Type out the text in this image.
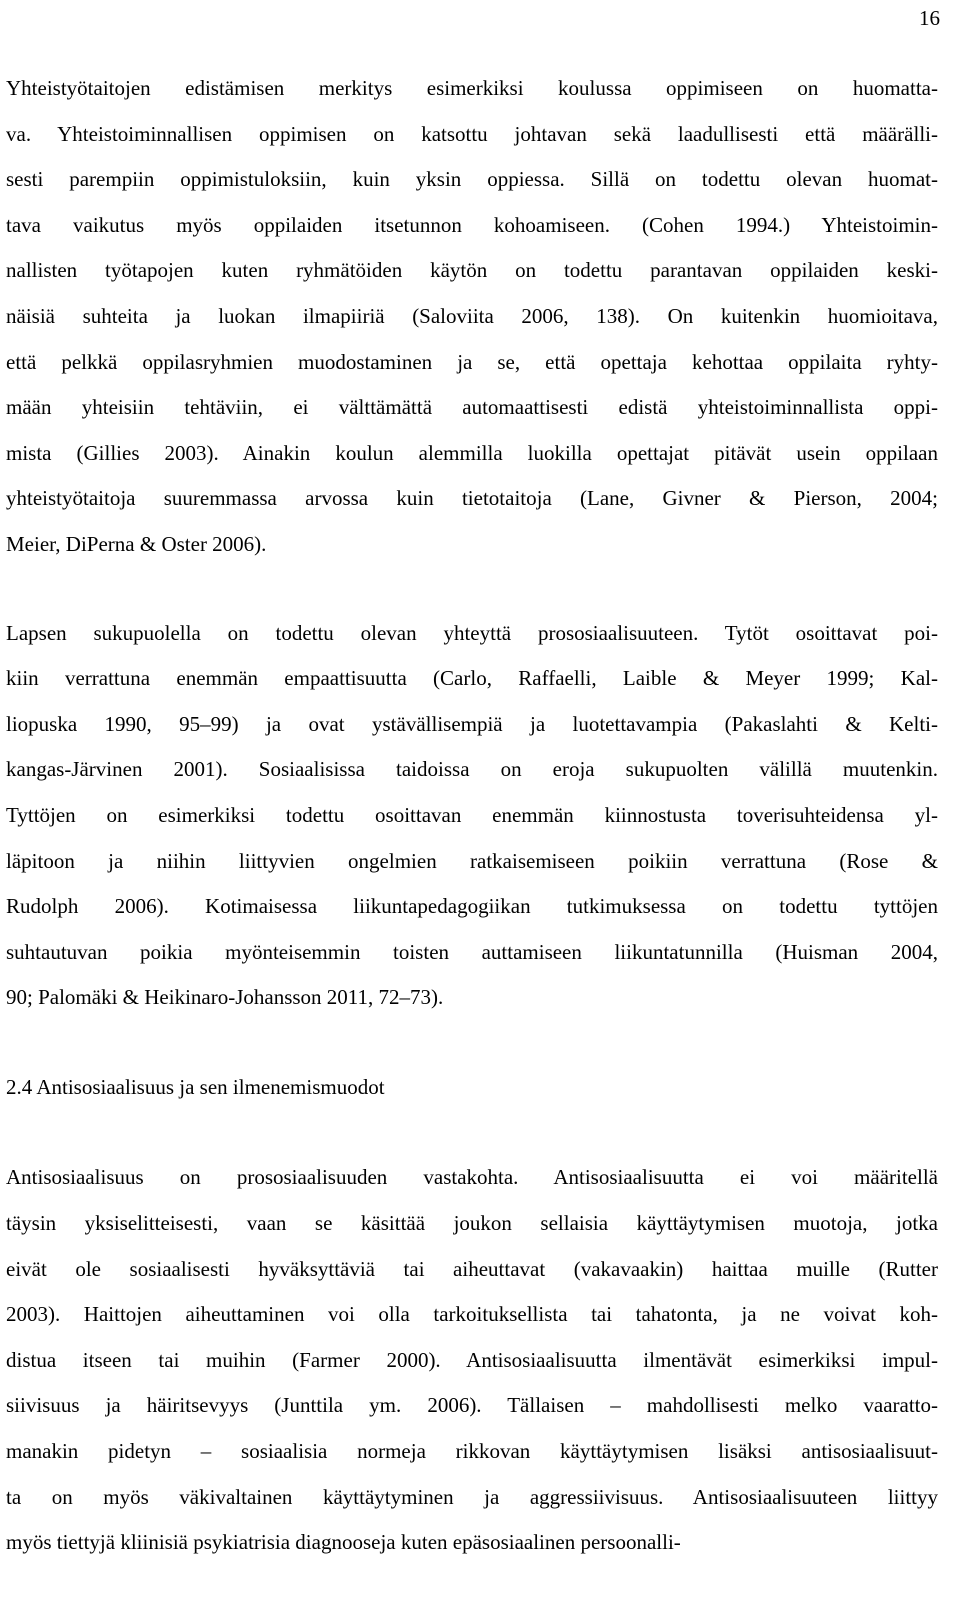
16

Yhteistyötaitojen edistämisen merkitys esimerkiksi koulussa oppimiseen on huomatta-
va. Yhteistoiminnallisen oppimisen on katsottu johtavan sekä laadullisesti että määrälli-
sesti parempiin oppimistuloksiin, kuin yksin oppiessa. Sillä on todettu olevan huomat-
tava vaikutus myös oppilaiden itsetunnon kohoamiseen. (Cohen 1994.) Yhteistoimin-
nallisten työtapojen kuten ryhmätöiden käytön on todettu parantavan oppilaiden keski-
näisiä suhteita ja luokan ilmapiiriä (Saloviita 2006, 138). On kuitenkin huomioitava,
että pelkkä oppilasryhmien muodostaminen ja se, että opettaja kehottaa oppilaita ryhty-
mään yhteisiin tehtäviin, ei välttämättä automaattisesti edistä yhteistoiminnallista oppi-
mista (Gillies 2003). Ainakin koulun alemmilla luokilla opettajat pitävät usein oppilaan
yhteistyötaitoja suuremmassa arvossa kuin tietotaitoja (Lane, Givner & Pierson, 2004;
Meier, DiPerna & Oster 2006).

Lapsen sukupuolella on todettu olevan yhteyttä prososiaalisuuteen. Tytöt osoittavat poi-
kiin verrattuna enemmän empaattisuutta (Carlo, Raffaelli, Laible & Meyer 1999; Kal-
liopuska 1990, 95–99) ja ovat ystävällisempiä ja luotettavampia (Pakaslahti & Kelti-
kangas-Järvinen 2001). Sosiaalisissa taidoissa on eroja sukupuolten välillä muutenkin.
Tyttöjen on esimerkiksi todettu osoittavan enemmän kiinnostusta toverisuhteidensa yl-
läpitoon ja niihin liittyvien ongelmien ratkaisemiseen poikiin verrattuna (Rose &
Rudolph 2006). Kotimaisessa liikuntapedagogiikan tutkimuksessa on todettu tyttöjen
suhtautuvan poikia myönteisemmin toisten auttamiseen liikuntatunnilla (Huisman 2004,
90; Palomäki & Heikinaro-Johansson 2011, 72–73).

2.4 Antisosiaalisuus ja sen ilmenemismuodot

Antisosiaalisuus on prososiaalisuuden vastakohta. Antisosiaalisuutta ei voi määritellä
täysin yksiselitteisesti, vaan se käsittää joukon sellaisia käyttäytymisen muotoja, jotka
eivät ole sosiaalisesti hyväksyttäviä tai aiheuttavat (vakavaakin) haittaa muille (Rutter
2003). Haittojen aiheuttaminen voi olla tarkoituksellista tai tahatonta, ja ne voivat koh-
distua itseen tai muihin (Farmer 2000). Antisosiaalisuutta ilmentävät esimerkiksi impul-
siivisuus ja häiritsevyys (Junttila ym. 2006). Tällaisen – mahdollisesti melko vaaratto-
manakin pidetyn – sosiaalisia normeja rikkovan käyttäytymisen lisäksi antisosiaalisuut-
ta on myös väkivaltainen käyttäytyminen ja aggressiivisuus. Antisosiaalisuuteen liittyy
myös tiettyjä kliinisiä psykiatrisia diagnooseja kuten epäsosiaalinen persoonalli-
